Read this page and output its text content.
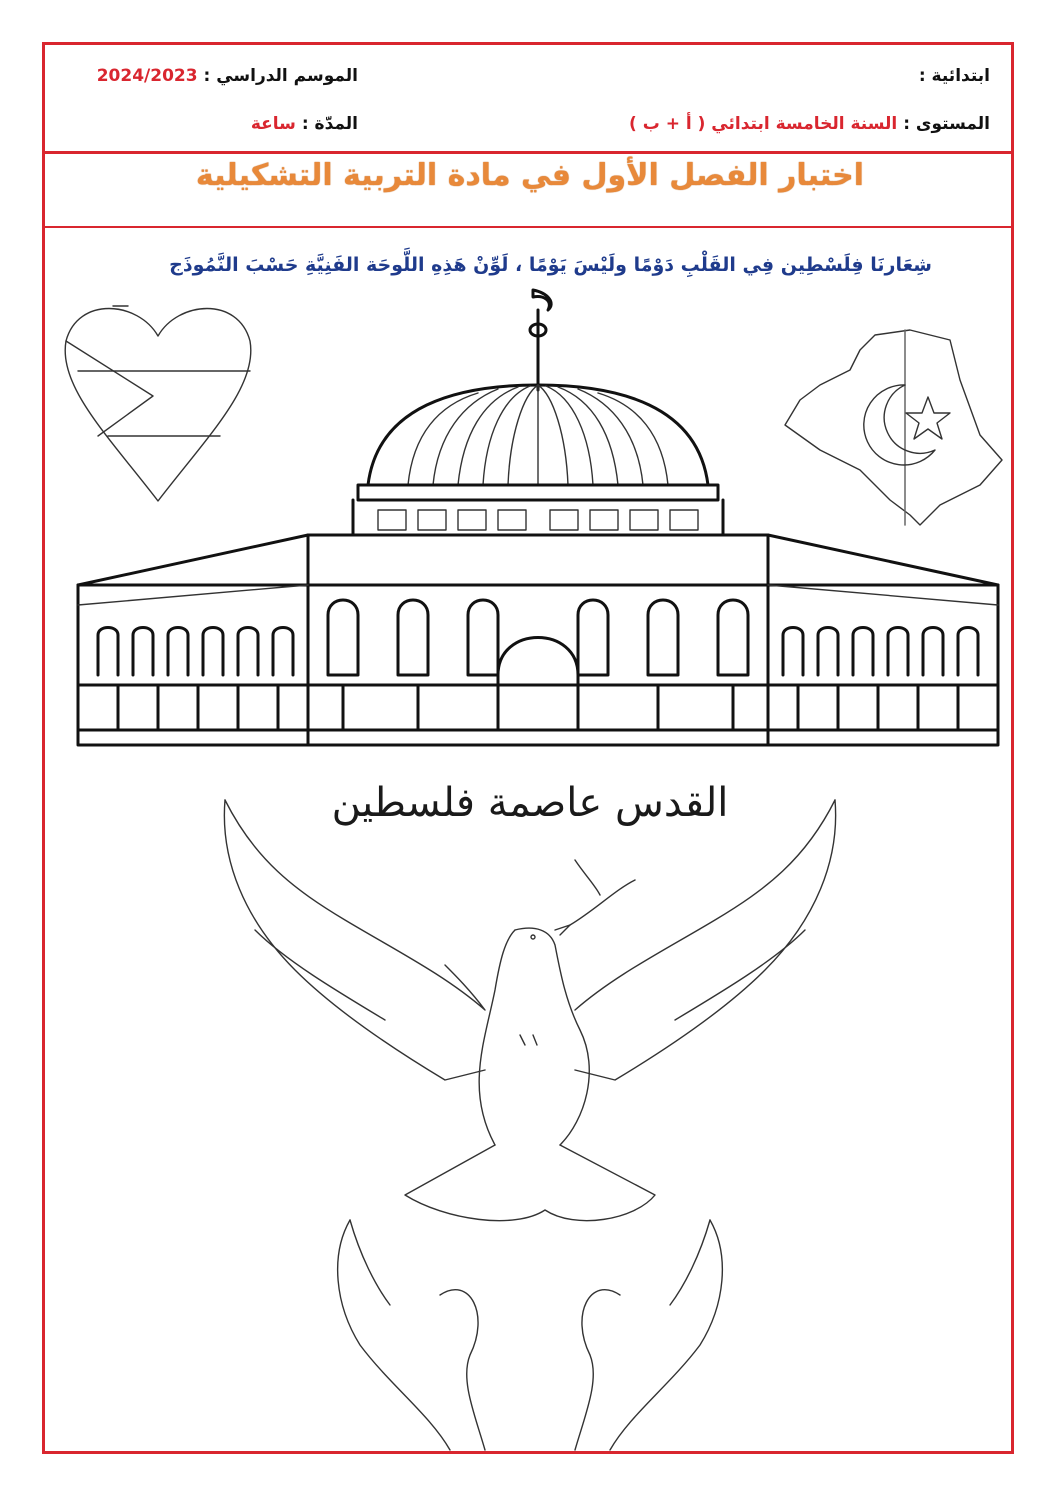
ابتدائية :
الموسم الدراسي : 2024/2023
المستوى : السنة الخامسة ابتدائي ( أ + ب )
المدّة : ساعة
اختبار الفصل الأول في مادة التربية التشكيلية
شِعَارنَا فِلَسْطِين فِي القَلْبِ دَوْمًا ولَيْسَ يَوْمًا ، لَوِّنْ هَذِهِ اللَّوحَة الفَنِيَّةِ حَسْبَ النَّمُوذَج
القدس عاصمة فلسطين
